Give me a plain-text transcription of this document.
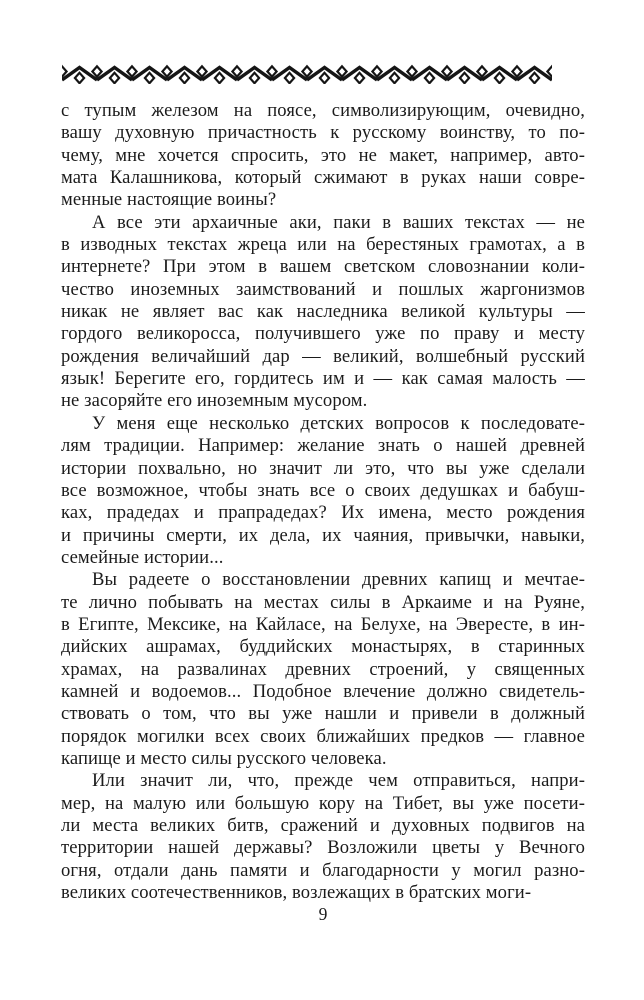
с тупым железом на поясе, символизирующим, очевидно,
вашу духовную причастность к русскому воинству, то по-
чему, мне хочется спросить, это не макет, например, авто-
мата Калашникова, который сжимают в руках наши совре-
менные настоящие воины?
А все эти архаичные аки, паки в ваших текстах — не
в изводных текстах жреца или на берестяных грамотах, а в
интернете? При этом в вашем светском словознании коли-
чество иноземных заимствований и пошлых жаргонизмов
никак не являет вас как наследника великой культуры —
гордого великоросса, получившего уже по праву и месту
рождения величайший дар — великий, волшебный русский
язык! Берегите его, гордитесь им и — как самая малость —
не засоряйте его иноземным мусором.
У меня еще несколько детских вопросов к последовате-
лям традиции. Например: желание знать о нашей древней
истории похвально, но значит ли это, что вы уже сделали
все возможное, чтобы знать все о своих дедушках и бабуш-
ках, прадедах и прапрадедах? Их имена, место рождения
и причины смерти, их дела, их чаяния, привычки, навыки,
семейные истории...
Вы радеете о восстановлении древних капищ и мечтае-
те лично побывать на местах силы в Аркаиме и на Руяне,
в Египте, Мексике, на Кайласе, на Белухе, на Эвересте, в ин-
дийских ашрамах, буддийских монастырях, в старинных
храмах, на развалинах древних строений, у священных
камней и водоемов... Подобное влечение должно свидетель-
ствовать о том, что вы уже нашли и привели в должный
порядок могилки всех своих ближайших предков — главное
капище и место силы русского человека.
Или значит ли, что, прежде чем отправиться, напри-
мер, на малую или большую кору на Тибет, вы уже посети-
ли места великих битв, сражений и духовных подвигов на
территории нашей державы? Возложили цветы у Вечного
огня, отдали дань памяти и благодарности у могил разно-
великих соотечественников, возлежащих в братских моги-
9
